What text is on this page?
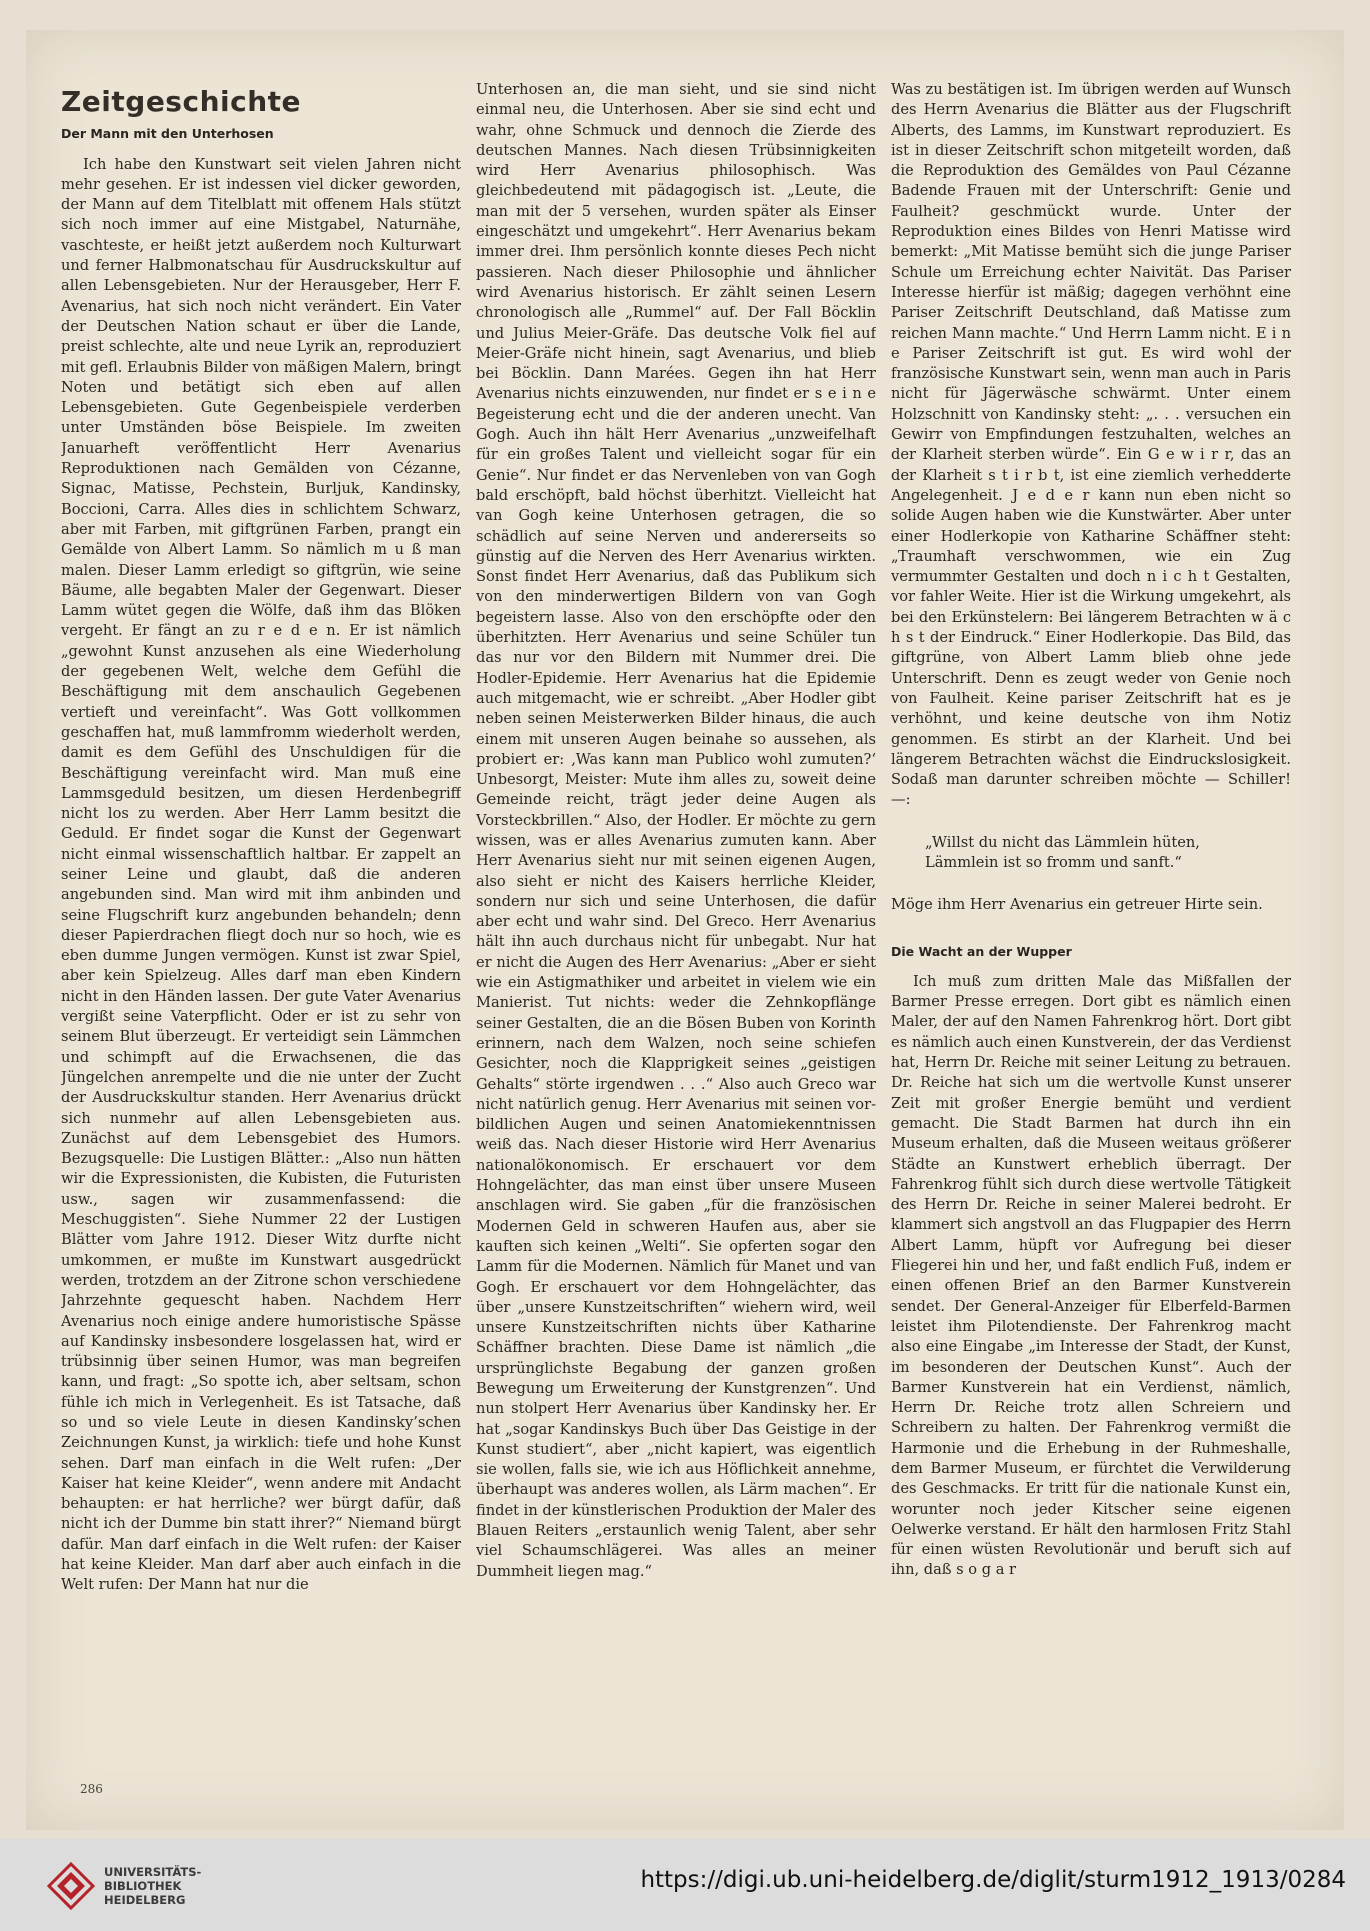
Zeitgeschichte
Der Mann mit den Unterhosen

Ich habe den Kunstwart seit vielen Jahren nicht mehr gesehen. Er ist indessen viel dicker geworden, der Mann auf dem Titelblatt mit offenem Hals stützt sich noch immer auf eine Mistgabel, Naturnähe, vaschteste, er heißt jetzt außerdem noch Kulturwart und ferner Halbmonatschau für Ausdruckskultur auf allen Lebensgebieten. Nur der Herausgeber, Herr F. Avenarius, hat sich noch nicht verändert. Ein Vater der Deutschen Nation schaut er über die Lande, preist schlechte, alte und neue Lyrik an, reproduziert mit gefl. Erlaubnis Bilder von mäßigen Malern, bringt Noten und betätigt sich eben auf allen Lebensgebieten. Gute Gegenbeispiele verderben unter Umständen böse Beispiele. Im zweiten Januarheft veröffentlicht Herr Avenarius Reproduktionen nach Gemälden von Cézanne, Signac, Matisse, Pechstein, Burljuk, Kandinsky, Boccioni, Carra. Alles dies in schlichtem Schwarz, aber mit Farben, mit giftgrünen Farben, prangt ein Gemälde von Albert Lamm. So nämlich m u ß man malen. Dieser Lamm erledigt so giftgrün, wie seine Bäume, alle begabten Maler der Gegenwart. Dieser Lamm wütet gegen die Wölfe, daß ihm das Blöken vergeht. Er fängt an zu r e d e n. Er ist nämlich „gewohnt Kunst anzusehen als eine Wiederholung der gegebenen Welt, welche dem Gefühl die Beschäftigung mit dem anschaulich Gegebenen vertieft und vereinfacht“. Was Gott vollkommen geschaffen hat, muß lammfromm wiederholt werden, damit es dem Gefühl des Unschuldigen für die Beschäftigung vereinfacht wird. Man muß eine Lammsgeduld besitzen, um diesen Herdenbegriff nicht los zu werden. Aber Herr Lamm besitzt die Geduld. Er findet sogar die Kunst der Gegenwart nicht einmal wissenschaftlich haltbar. Er zappelt an seiner Leine und glaubt, daß die anderen angebunden sind. Man wird mit ihm anbinden und seine Flugschrift kurz angebunden behandeln; denn dieser Papierdrachen fliegt doch nur so hoch, wie es eben dumme Jungen vermögen. Kunst ist zwar Spiel, aber kein Spielzeug. Alles darf man eben Kindern nicht in den Händen lassen. Der gute Vater Avenarius vergißt seine Vaterpflicht. Oder er ist zu sehr von seinem Blut überzeugt. Er verteidigt sein Lämmchen und schimpft auf die Erwachsenen, die das Jüngelchen anrempelte und die nie unter der Zucht der Ausdruckskultur standen. Herr Avenarius drückt sich nunmehr auf allen Lebensgebieten aus. Zunächst auf dem Lebensgebiet des Humors. Bezugsquelle: Die Lustigen Blätter.: „Also nun hätten wir die Expressionisten, die Kubisten, die Futuristen usw., sagen wir zusammenfassend: die Meschuggisten“. Siehe Nummer 22 der Lustigen Blätter vom Jahre 1912. Dieser Witz durfte nicht umkommen, er mußte im Kunstwart ausgedrückt werden, trotzdem an der Zitrone schon verschiedene Jahrzehnte gequescht haben. Nachdem Herr Avenarius noch einige andere humoristische Spässe auf Kandinsky insbesondere losgelassen hat, wird er trübsinnig über seinen Humor, was man begreifen kann, und fragt: „So spotte ich, aber seltsam, schon fühle ich mich in Verlegenheit. Es ist Tatsache, daß so und so viele Leute in diesen Kandinsky’schen Zeichnungen Kunst, ja wirklich: tiefe und hohe Kunst sehen. Darf man einfach in die Welt rufen: „Der Kaiser hat keine Kleider“, wenn andere mit Andacht behaupten: er hat herrliche? wer bürgt dafür, daß nicht ich der Dumme bin statt ihrer?“ Niemand bürgt dafür. Man darf einfach in die Welt rufen: der Kaiser hat keine Kleider. Man darf aber auch einfach in die Welt rufen: Der Mann hat nur die

Unterhosen an, die man sieht, und sie sind nicht einmal neu, die Unterhosen. Aber sie sind echt und wahr, ohne Schmuck und dennoch die Zierde des deutschen Mannes. Nach diesen Trübsinnigkeiten wird Herr Avenarius philosophisch. Was gleichbedeutend mit pädagogisch ist. „Leute, die man mit der 5 versehen, wurden später als Einser eingeschätzt und umgekehrt“. Herr Avenarius bekam immer drei. Ihm persönlich konnte dieses Pech nicht passieren. Nach dieser Philosophie und ähnlicher wird Avenarius historisch. Er zählt seinen Lesern chronologisch alle „Rummel“ auf. Der Fall Böcklin und Julius Meier-Gräfe. Das deutsche Volk fiel auf Meier-Gräfe nicht hinein, sagt Avenarius, und blieb bei Böcklin. Dann Marées. Gegen ihn hat Herr Avenarius nichts einzuwenden, nur findet er s e i n e Begeisterung echt und die der anderen unecht. Van Gogh. Auch ihn hält Herr Avenarius „unzweifelhaft für ein großes Talent und vielleicht sogar für ein Genie“. Nur findet er das Nervenleben von van Gogh bald erschöpft, bald höchst überhitzt. Vielleicht hat van Gogh keine Unterhosen getragen, die so schädlich auf seine Nerven und andererseits so günstig auf die Nerven des Herr Avenarius wirkten. Sonst findet Herr Avenarius, daß das Publikum sich von den minderwertigen Bildern von van Gogh begeistern lasse. Also von den erschöpfte oder den überhitzten. Herr Avenarius und seine Schüler tun das nur vor den Bildern mit Nummer drei. Die Hodler-Epidemie. Herr Avenarius hat die Epidemie auch mitgemacht, wie er schreibt. „Aber Hodler gibt neben seinen Meisterwerken Bilder hinaus, die auch einem mit unseren Augen beinahe so aussehen, als probiert er: ‚Was kann man Publico wohl zumuten?‘ Unbesorgt, Meister: Mute ihm alles zu, soweit deine Gemeinde reicht, trägt jeder deine Augen als Vorsteckbrillen.“ Also, der Hodler. Er möchte zu gern wissen, was er alles Avenarius zumuten kann. Aber Herr Avenarius sieht nur mit seinen eigenen Augen, also sieht er nicht des Kaisers herrliche Kleider, sondern nur sich und seine Unterhosen, die dafür aber echt und wahr sind. Del Greco. Herr Avenarius hält ihn auch durchaus nicht für unbegabt. Nur hat er nicht die Augen des Herr Avenarius: „Aber er sieht wie ein Astigmathiker und arbeitet in vielem wie ein Manierist. Tut nichts: weder die Zehnkopflänge seiner Gestalten, die an die Bösen Buben von Korinth erinnern, nach dem Walzen, noch seine schiefen Gesichter, noch die Klapprigkeit seines „geistigen Gehalts“ störte irgendwen . . .“ Also auch Greco war nicht natürlich genug. Herr Avenarius mit seinen vor-bildlichen Augen und seinen Anatomiekenntnissen weiß das. Nach dieser Historie wird Herr Avenarius nationalökonomisch. Er erschauert vor dem Hohngelächter, das man einst über unsere Museen anschlagen wird. Sie gaben „für die französischen Modernen Geld in schweren Haufen aus, aber sie kauften sich keinen „Welti“. Sie opferten sogar den Lamm für die Modernen. Nämlich für Manet und van Gogh. Er erschauert vor dem Hohngelächter, das über „unsere Kunstzeitschriften“ wiehern wird, weil unsere Kunstzeitschriften nichts über Katharine Schäffner brachten. Diese Dame ist nämlich „die ursprünglichste Begabung der ganzen großen Bewegung um Erweiterung der Kunstgrenzen“. Und nun stolpert Herr Avenarius über Kandinsky her. Er hat „sogar Kandinskys Buch über Das Geistige in der Kunst studiert“, aber „nicht kapiert, was eigentlich sie wollen, falls sie, wie ich aus Höflichkeit annehme, überhaupt was anderes wollen, als Lärm machen“. Er findet in der künstlerischen Produktion der Maler des Blauen Reiters „erstaunlich wenig Talent, aber sehr viel Schaumschlägerei. Was alles an meiner Dummheit liegen mag.“

Was zu bestätigen ist. Im übrigen werden auf Wunsch des Herrn Avenarius die Blätter aus der Flugschrift Alberts, des Lamms, im Kunstwart reproduziert. Es ist in dieser Zeitschrift schon mitgeteilt worden, daß die Reproduktion des Gemäldes von Paul Cézanne Badende Frauen mit der Unterschrift: Genie und Faulheit? geschmückt wurde. Unter der Reproduktion eines Bildes von Henri Matisse wird bemerkt: „Mit Matisse bemüht sich die junge Pariser Schule um Erreichung echter Naivität. Das Pariser Interesse hierfür ist mäßig; dagegen verhöhnt eine Pariser Zeitschrift Deutschland, daß Matisse zum reichen Mann machte.“ Und Herrn Lamm nicht. E i n e Pariser Zeitschrift ist gut. Es wird wohl der französische Kunstwart sein, wenn man auch in Paris nicht für Jägerwäsche schwärmt. Unter einem Holzschnitt von Kandinsky steht: „. . . versuchen ein Gewirr von Empfindungen festzuhalten, welches an der Klarheit sterben würde“. Ein G e w i r r, das an der Klarheit s t i r b t, ist eine ziemlich verhedderte Angelegenheit. J e d e r kann nun eben nicht so solide Augen haben wie die Kunstwärter. Aber unter einer Hodlerkopie von Katharine Schäffner steht: „Traumhaft verschwommen, wie ein Zug vermummter Gestalten und doch n i c h t Gestalten, vor fahler Weite. Hier ist die Wirkung umgekehrt, als bei den Erkünstelern: Bei längerem Betrachten w ä c h s t der Eindruck.“ Einer Hodlerkopie. Das Bild, das giftgrüne, von Albert Lamm blieb ohne jede Unterschrift. Denn es zeugt weder von Genie noch von Faulheit. Keine pariser Zeitschrift hat es je verhöhnt, und keine deutsche von ihm Notiz genommen. Es stirbt an der Klarheit. Und bei längerem Betrachten wächst die Eindruckslosigkeit. Sodaß man darunter schreiben möchte — Schiller! —:

„Willst du nicht das Lämmlein hüten,
Lämmlein ist so fromm und sanft.“

Möge ihm Herr Avenarius ein getreuer Hirte sein.

Die Wacht an der Wupper

Ich muß zum dritten Male das Mißfallen der Barmer Presse erregen. Dort gibt es nämlich einen Maler, der auf den Namen Fahrenkrog hört. Dort gibt es nämlich auch einen Kunstverein, der das Verdienst hat, Herrn Dr. Reiche mit seiner Leitung zu betrauen. Dr. Reiche hat sich um die wertvolle Kunst unserer Zeit mit großer Energie bemüht und verdient gemacht. Die Stadt Barmen hat durch ihn ein Museum erhalten, daß die Museen weitaus größerer Städte an Kunstwert erheblich überragt. Der Fahrenkrog fühlt sich durch diese wertvolle Tätigkeit des Herrn Dr. Reiche in seiner Malerei bedroht. Er klammert sich angstvoll an das Flugpapier des Herrn Albert Lamm, hüpft vor Aufregung bei dieser Fliegerei hin und her, und faßt endlich Fuß, indem er einen offenen Brief an den Barmer Kunstverein sendet. Der General-Anzeiger für Elberfeld-Barmen leistet ihm Pilotendienste. Der Fahrenkrog macht also eine Eingabe „im Interesse der Stadt, der Kunst, im besonderen der Deutschen Kunst“. Auch der Barmer Kunstverein hat ein Verdienst, nämlich, Herrn Dr. Reiche trotz allen Schreiern und Schreibern zu halten. Der Fahrenkrog vermißt die Harmonie und die Erhebung in der Ruhmeshalle, dem Barmer Museum, er fürchtet die Verwilderung des Geschmacks. Er tritt für die nationale Kunst ein, worunter noch jeder Kitscher seine eigenen Oelwerke verstand. Er hält den harmlosen Fritz Stahl für einen wüsten Revolutionär und beruft sich auf ihn, daß s o g a r

286
UNIVERSITÄTS-
BIBLIOTHEK
HEIDELBERG
https://digi.ub.uni-heidelberg.de/diglit/sturm1912_1913/0284
